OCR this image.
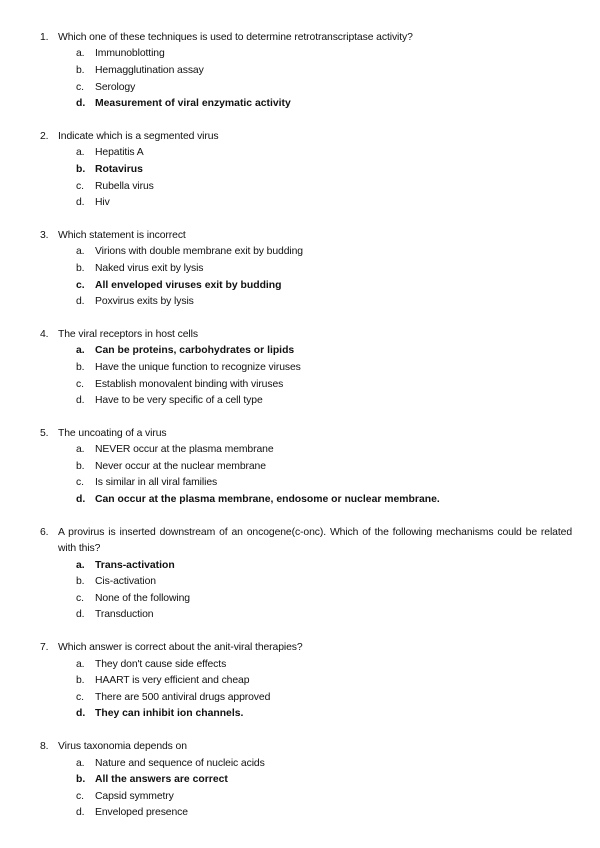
1. Which one of these techniques is used to determine retrotranscriptase activity?
a. Immunoblotting
b. Hemagglutination assay
c. Serology
d. Measurement of viral enzymatic activity
2. Indicate which is a segmented virus
a. Hepatitis A
b. Rotavirus
c. Rubella virus
d. Hiv
3. Which statement is incorrect
a. Virions with double membrane exit by budding
b. Naked virus exit by lysis
c. All enveloped viruses exit by budding
d. Poxvirus exits by lysis
4. The viral receptors in host cells
a. Can be proteins, carbohydrates or lipids
b. Have the unique function to recognize viruses
c. Establish monovalent binding with viruses
d. Have to be very specific of a cell type
5. The uncoating of a virus
a. NEVER occur at the plasma membrane
b. Never occur at the nuclear membrane
c. Is similar in all viral families
d. Can occur at the plasma membrane, endosome or nuclear membrane.
6. A provirus is inserted downstream of an oncogene(c-onc). Which of the following mechanisms could be related with this?
a. Trans-activation
b. Cis-activation
c. None of the following
d. Transduction
7. Which answer is correct about the anit-viral therapies?
a. They don't cause side effects
b. HAART is very efficient and cheap
c. There are 500 antiviral drugs approved
d. They can inhibit ion channels.
8. Virus taxonomia depends on
a. Nature and sequence of nucleic acids
b. All the answers are correct
c. Capsid symmetry
d. Enveloped presence
